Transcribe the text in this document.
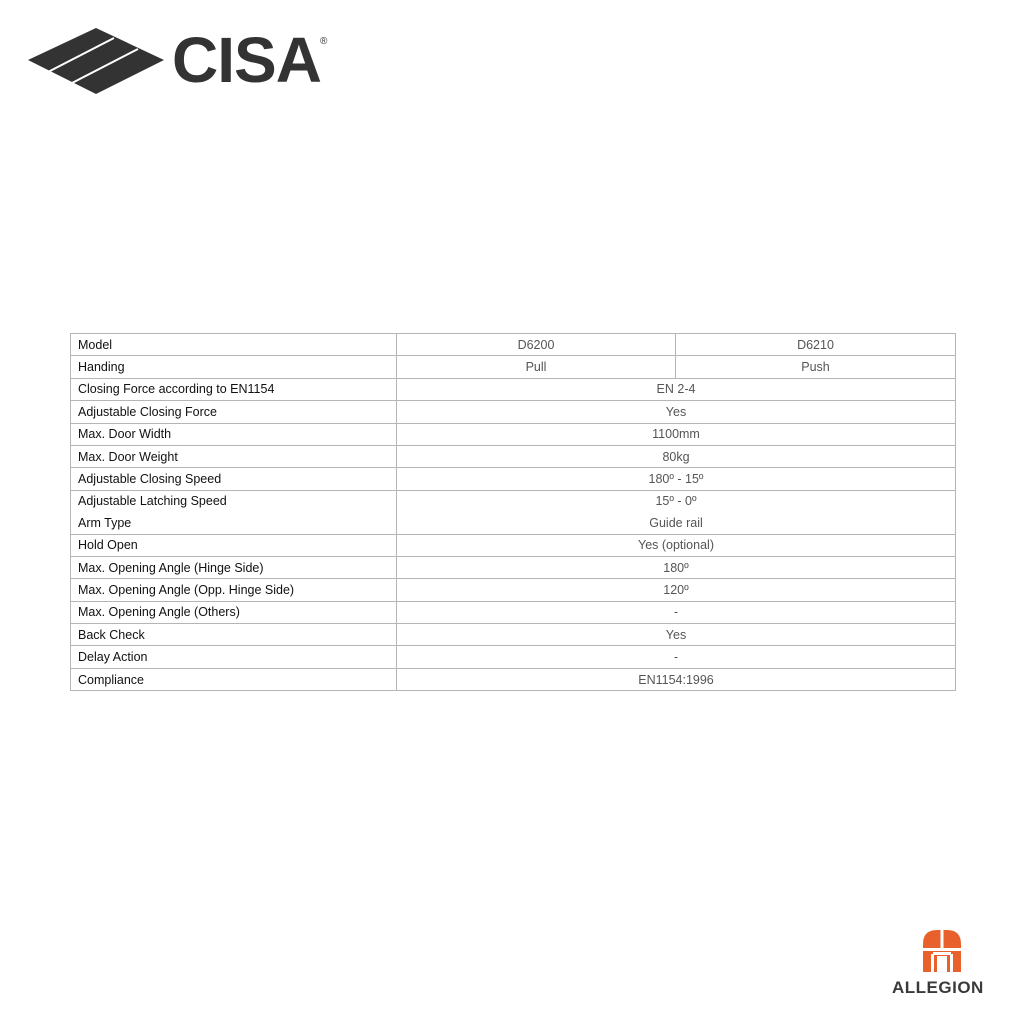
CISA ®
Model	D6200	D6210
Handing	Pull	Push
Closing Force according to EN1154	EN 2-4	
Adjustable Closing Force	Yes	
Max. Door Width	1100mm	
Max. Door Weight	80kg	
Adjustable Closing Speed	180º - 15º	
Adjustable Latching Speed	15º - 0º	
Arm Type	Guide rail	
Hold Open	Yes (optional)	
Max. Opening Angle (Hinge Side)	180º	
Max. Opening Angle (Opp. Hinge Side)	120º	
Max. Opening Angle (Others)	-	
Back Check	Yes	
Delay Action	-	
Compliance	EN1154:1996	
ALLEGION
